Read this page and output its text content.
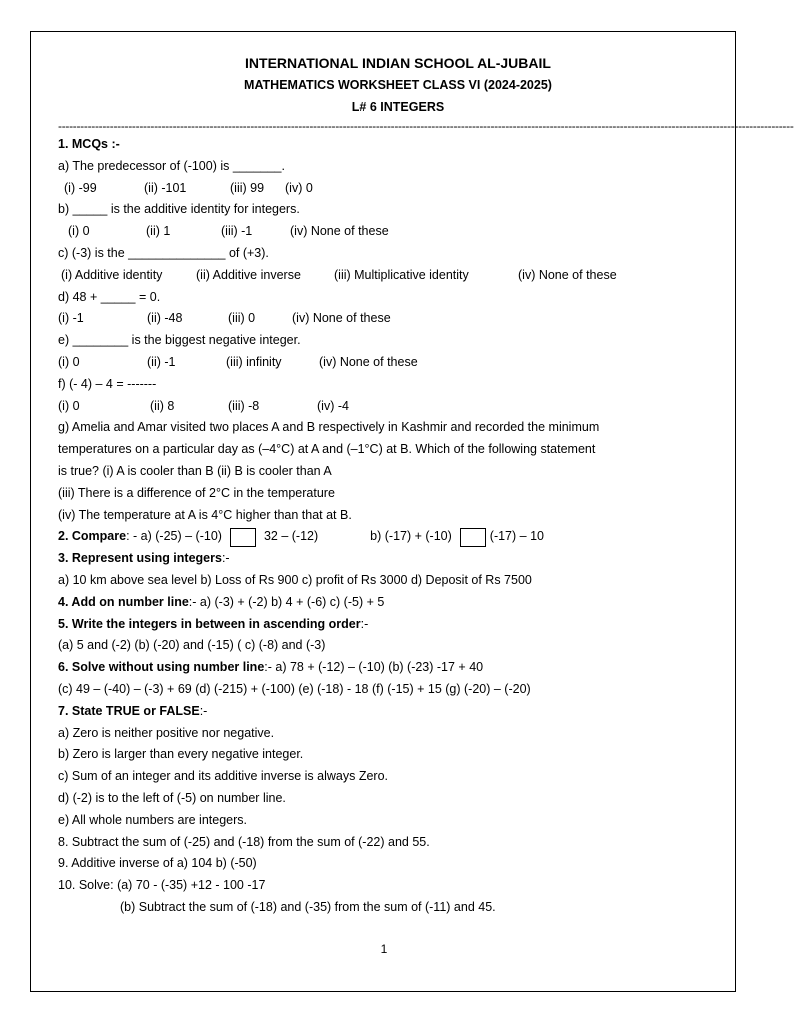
INTERNATIONAL INDIAN SCHOOL AL-JUBAIL
MATHEMATICS WORKSHEET CLASS VI (2024-2025)
L# 6 INTEGERS
-------------------------------------------------------------------------------------------------------------------------------------------------------------------------------------------------------
1. MCQs :-
a) The predecessor of (-100) is _______.
(i) -99	(ii) -101	(iii) 99 (iv) 0
b) _____ is the additive identity for integers.
(i) 0	(ii) 1	(iii) -1	(iv) None of these
c) (-3) is the ______________ of (+3).
(i) Additive identity	(ii) Additive inverse	(iii) Multiplicative identity	(iv) None of these
d) 48 + _____ = 0.
(i) -1	(ii) -48	(iii) 0	(iv) None of these
e) ________ is the biggest negative integer.
(i) 0	(ii) -1	(iii) infinity	(iv) None of these
f) (- 4) – 4 = -------
(i) 0	(ii) 8	(iii) -8	(iv) -4
g) Amelia and Amar visited two places A and B respectively in Kashmir and recorded the minimum
temperatures on a particular day as (–4°C) at A and (–1°C) at B. Which of the following statement
is true? (i) A is cooler than B (ii) B is cooler than A
(iii) There is a difference of 2°C in the temperature
(iv) The temperature at A is 4°C higher than that at B.
2. Compare: - a) (-25) – (-10)	32 – (-12)	b) (-17) + (-10)	(-17) – 10
3. Represent using integers:-
a) 10 km above sea level b) Loss of Rs 900 c) profit of Rs 3000 d) Deposit of Rs 7500
4. Add on number line:- a) (-3) + (-2) b) 4 + (-6) c) (-5) + 5
5. Write the integers in between in ascending order:-
(a) 5 and (-2) (b) (-20) and (-15) ( c) (-8) and (-3)
6. Solve without using number line:- a) 78 + (-12) – (-10) (b) (-23) -17 + 40
(c) 49 – (-40) – (-3) + 69 (d) (-215) + (-100) (e) (-18) - 18 (f) (-15) + 15 (g) (-20) – (-20)
7. State TRUE or FALSE:-
a) Zero is neither positive nor negative.
b) Zero is larger than every negative integer.
c) Sum of an integer and its additive inverse is always Zero.
d) (-2) is to the left of (-5) on number line.
e) All whole numbers are integers.
8. Subtract the sum of (-25) and (-18) from the sum of (-22) and 55.
9. Additive inverse of a) 104 b) (-50)
10. Solve: (a) 70 - (-35) +12 - 100 -17
(b) Subtract the sum of (-18) and (-35) from the sum of (-11) and 45.
1
